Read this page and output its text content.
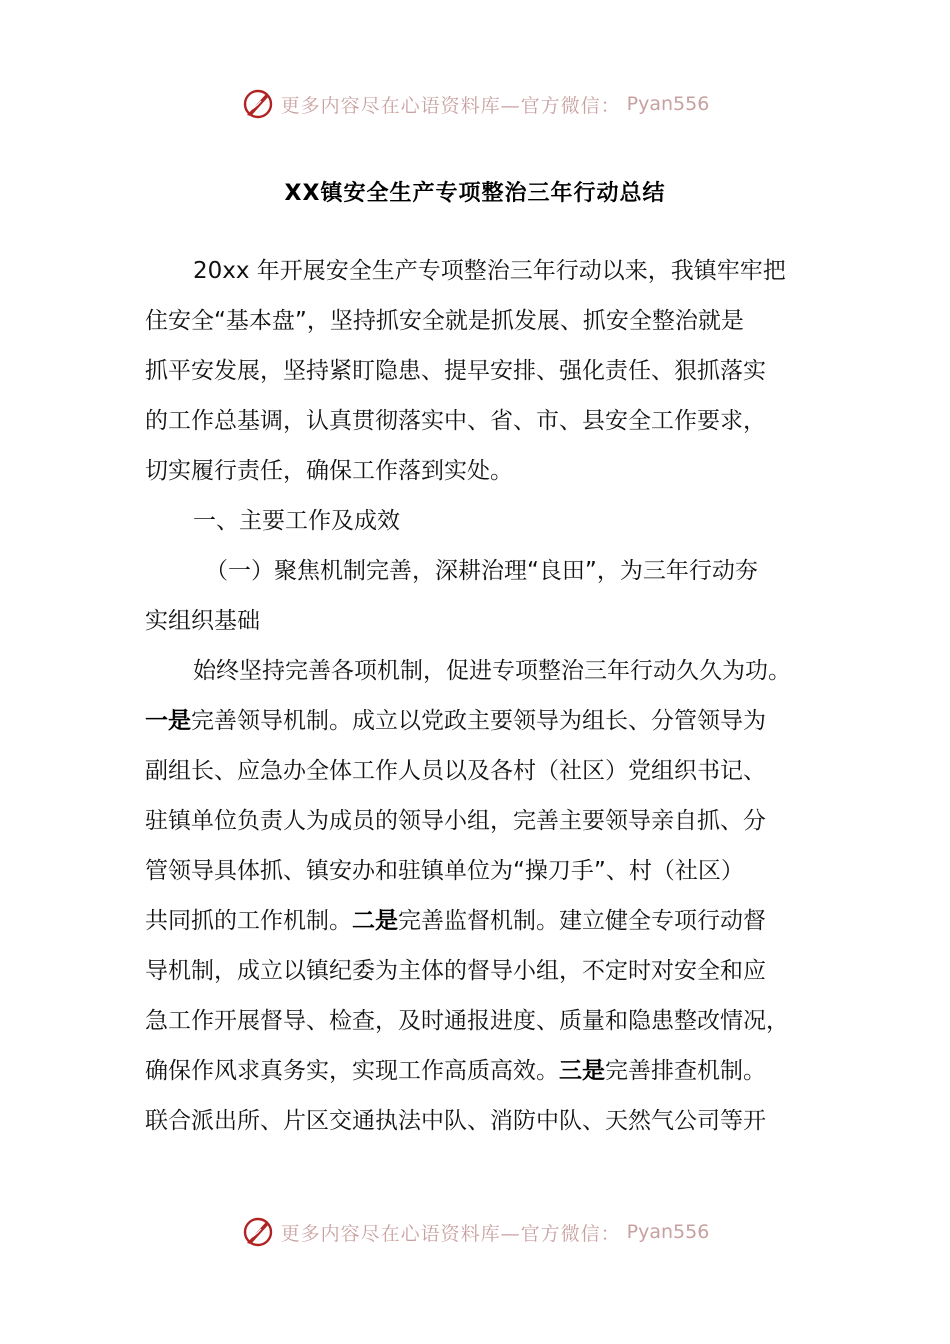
更多内容尽在心语资料库—官方微信： Pyan556
XX镇安全生产专项整治三年行动总结
20xx 年开展安全生产专项整治三年行动以来，我镇牢牢把
住安全“基本盘”，坚持抓安全就是抓发展、抓安全整治就是
抓平安发展，坚持紧盯隐患、提早安排、强化责任、狠抓落实
的工作总基调，认真贯彻落实中、省、市、县安全工作要求，
切实履行责任，确保工作落到实处。
一、主要工作及成效
（一）聚焦机制完善，深耕治理“良田”，为三年行动夯
实组织基础
始终坚持完善各项机制，促进专项整治三年行动久久为功。
一是完善领导机制。成立以党政主要领导为组长、分管领导为
副组长、应急办全体工作人员以及各村（社区）党组织书记、
驻镇单位负责人为成员的领导小组，完善主要领导亲自抓、分
管领导具体抓、镇安办和驻镇单位为“操刀手”、村（社区）
共同抓的工作机制。二是完善监督机制。建立健全专项行动督
导机制，成立以镇纪委为主体的督导小组，不定时对安全和应
急工作开展督导、检查，及时通报进度、质量和隐患整改情况，
确保作风求真务实，实现工作高质高效。三是完善排查机制。
联合派出所、片区交通执法中队、消防中队、天然气公司等开
更多内容尽在心语资料库—官方微信： Pyan556
